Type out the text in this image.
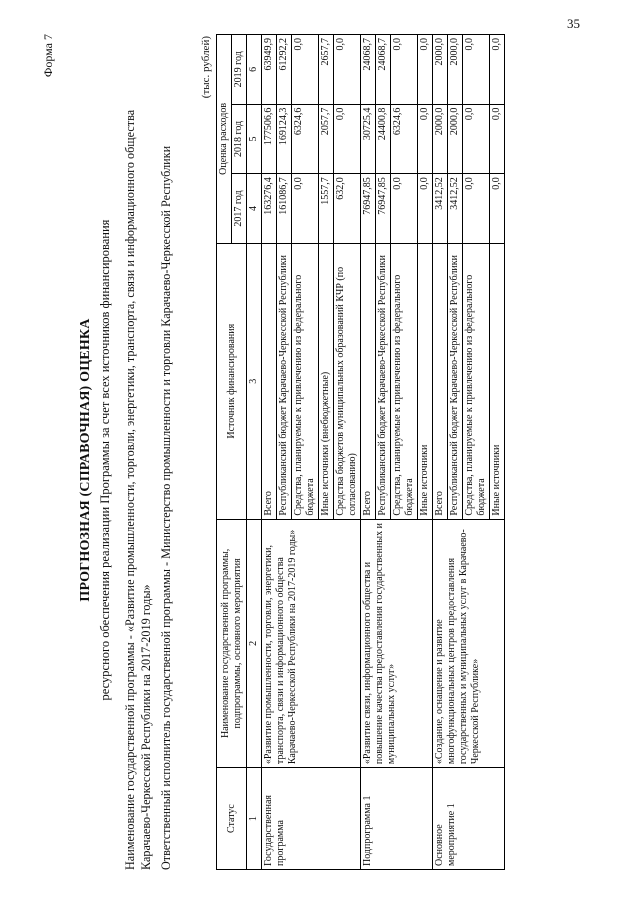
35
Форма 7
ПРОГНОЗНАЯ (СПРАВОЧНАЯ) ОЦЕНКА ресурсного обеспечения реализации Программы за счет всех источников финансирования Наименование государственной программы - «Развитие промышленности, торговли, энергетики, транспорта, связи и информационного общества Карачаево-Черкесской Республики на 2017-2019 годы» Ответственный исполнитель государственной программы - Министерство промышленности и торговли Карачаево-Черкесской Республики
(тыс. рублей)
Статус	Наименование государственной программы, подпрограммы, основного мероприятия	Источник финансирования	Оценка расходов		
			2017 год	2018 год	2019 год
1	2	3	4	5	6
Государственная программа	«Развитие промышленности, торговли, энергетики, транспорта, связи и информационного общества Карачаево-Черкесской Республики на 2017-2019 годы»	Всего	163276,4	177506,6	63949,9
		Республиканский бюджет Карачаево-Черкесской Республики	161086,7	169124,3	61292,2
		Средства, планируемые к привлечению из федерального бюджета	0,0	6324,6	0,0
		Иные источники (внебюджетные)	1557,7	2057,7	2657,7
		Средства бюджетов муниципальных образований КЧР (по согласованию)	632,0	0,0	0,0
Подпрограмма 1	«Развитие связи, информационного общества и повышение качества предоставления государственных и муниципальных услуг»	Всего	76947,85	30725,4	24068,7
		Республиканский бюджет Карачаево-Черкесской Республики	76947,85	24400,8	24068,7
		Средства, планируемые к привлечению из федерального бюджета	0,0	6324,6	0,0
		Иные источники	0,0	0,0	0,0
Основное мероприятие 1	«Создание, оснащение и развитие многофункциональных центров предоставления государственных и муниципальных услуг в Карачаево-Черкесской Республике»	Всего	3412,52	2000,0	2000,0
		Республиканский бюджет Карачаево-Черкесской Республики	3412,52	2000,0	2000,0
		Средства, планируемые к привлечению из федерального бюджета	0,0	0,0	0,0
		Иные источники	0,0	0,0	0,0
